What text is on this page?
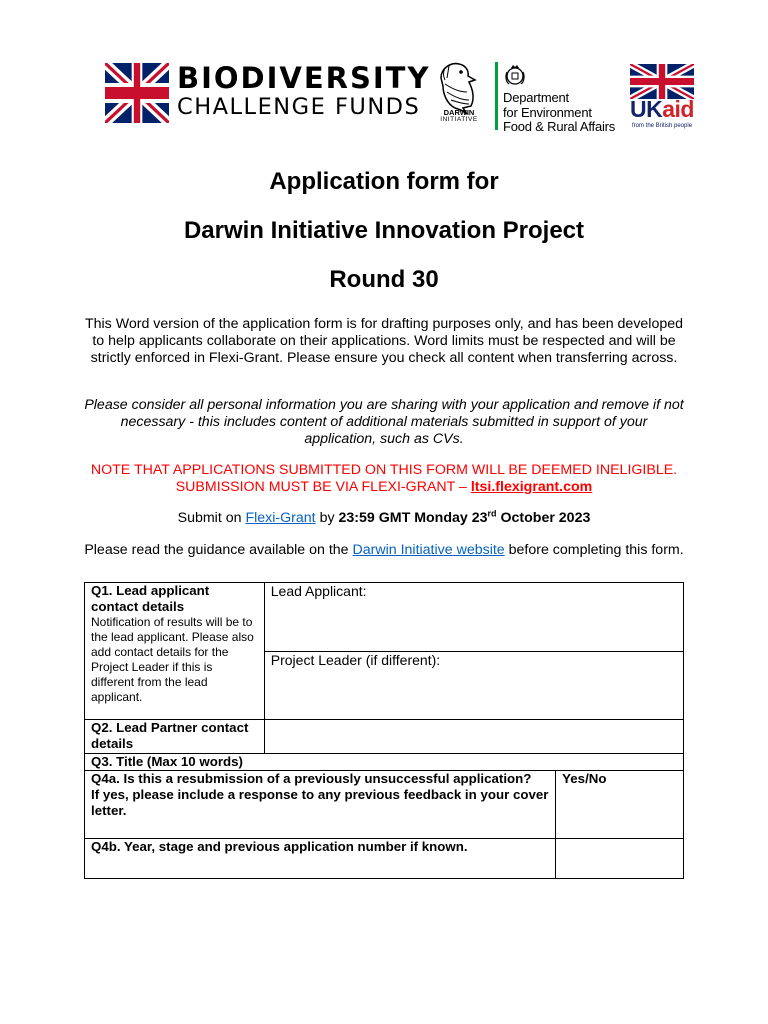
BIODIVERSITY
CHALLENGE FUNDS	DARWIN
INITIATIVE
Department
for Environment
Food & Rural Affairs
UKaid
from the British people
Application form for
Darwin Initiative Innovation Project
Round 30
This Word version of the application form is for drafting purposes only, and has been developed to help applicants collaborate on their applications. Word limits must be respected and will be strictly enforced in Flexi-Grant. Please ensure you check all content when transferring across.
Please consider all personal information you are sharing with your application and remove if not necessary - this includes content of additional materials submitted in support of your application, such as CVs.
NOTE THAT APPLICATIONS SUBMITTED ON THIS FORM WILL BE DEEMED INELIGIBLE. SUBMISSION MUST BE VIA FLEXI-GRANT – ltsi.flexigrant.com
Submit on Flexi-Grant by 23:59 GMT Monday 23rd October 2023
Please read the guidance available on the Darwin Initiative website before completing this form.
Q1. Lead applicant contact details
Notification of results will be to the lead applicant. Please also add contact details for the Project Leader if this is different from the lead applicant.	Lead Applicant:	
	Project Leader (if different):	
Q2. Lead Partner contact details		
Q3. Title (Max 10 words)		

Q4a. Is this a resubmission of a previously unsuccessful application?
If yes, please include a response to any previous feedback in your cover letter.		Yes/No
Q4b. Year, stage and previous application number if known.		
